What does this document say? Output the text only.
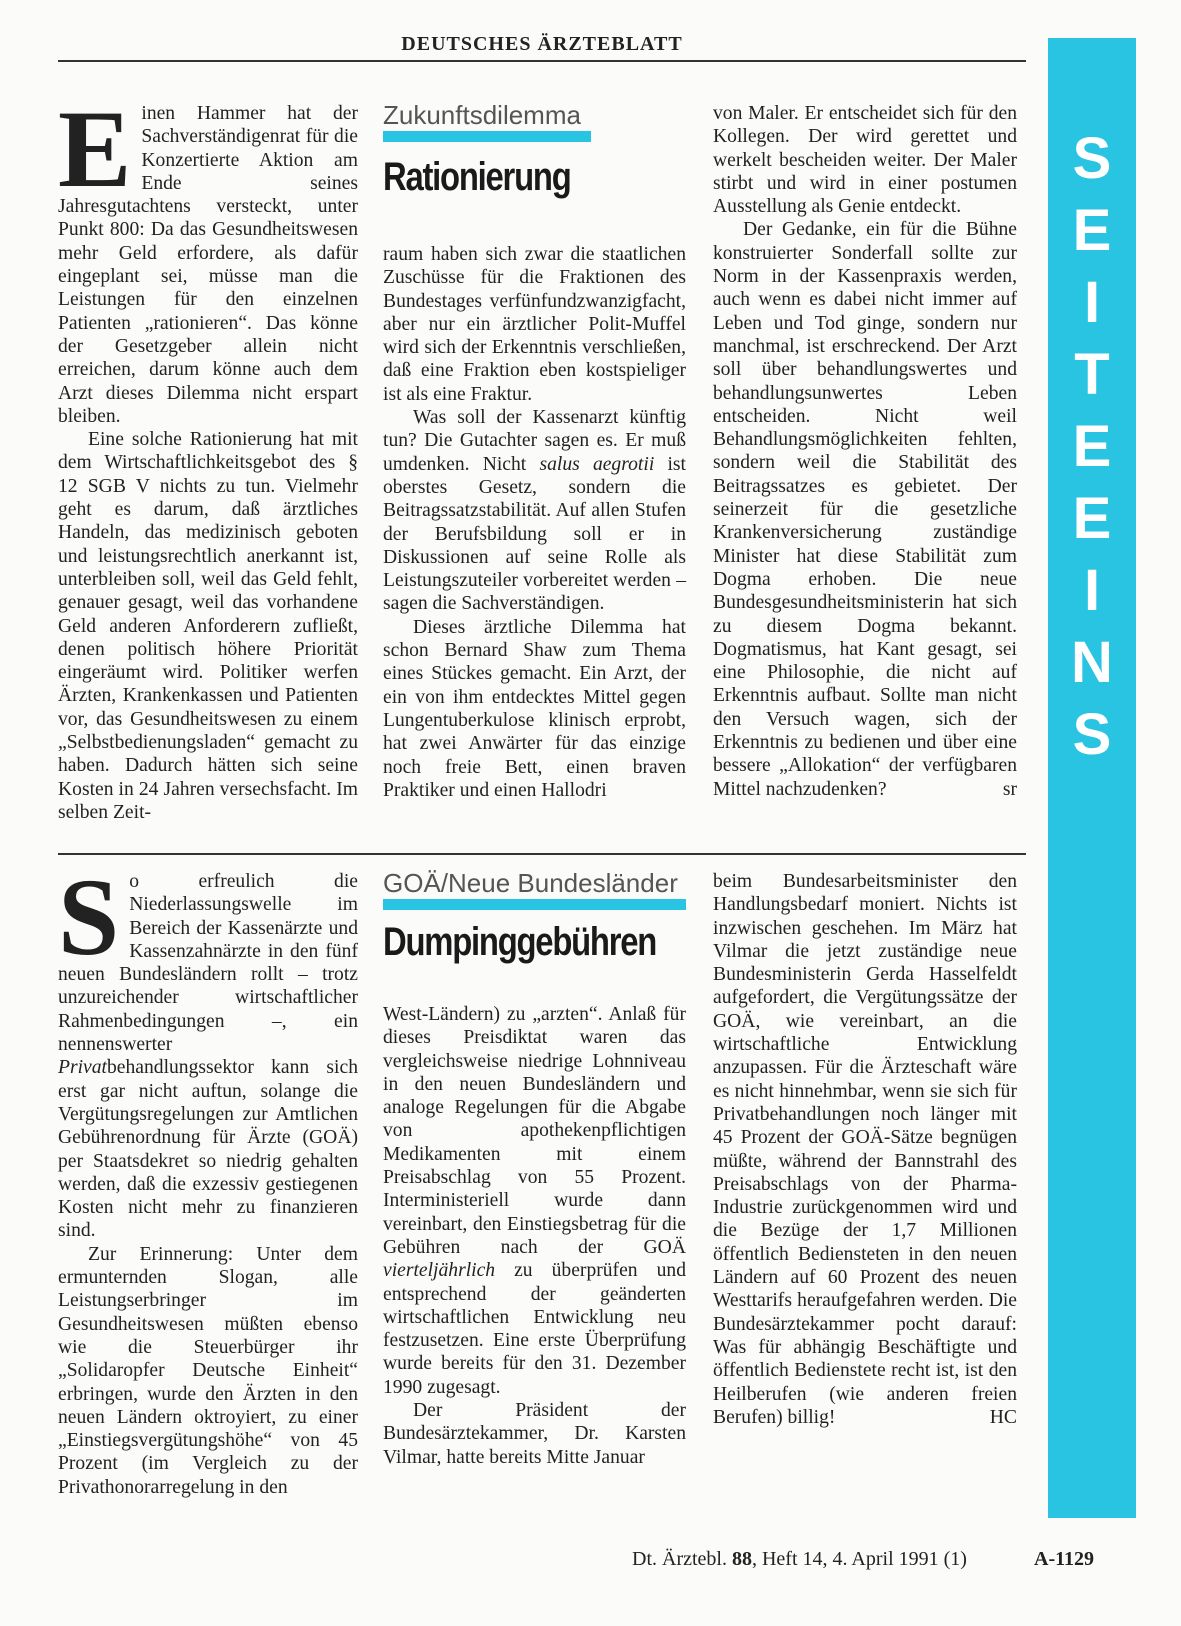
DEUTSCHES ÄRZTEBLATT
S
E
I
T
E
E
I
N
S

Einen Hammer hat der Sachverständigenrat für die Konzertierte Aktion am Ende seines Jahresgutachtens versteckt, unter Punkt 800: Da das Gesundheitswesen mehr Geld erfordere, als dafür eingeplant sei, müsse man die Leistungen für den einzelnen Patienten „rationieren“. Das könne der Gesetzgeber allein nicht erreichen, darum könne auch dem Arzt dieses Dilemma nicht erspart bleiben.

Eine solche Rationierung hat mit dem Wirtschaftlichkeitsgebot des § 12 SGB V nichts zu tun. Vielmehr geht es darum, daß ärztliches Handeln, das medizinisch geboten und leistungsrechtlich anerkannt ist, unterbleiben soll, weil das Geld fehlt, genauer gesagt, weil das vorhandene Geld anderen Anforderern zufließt, denen politisch höhere Priorität eingeräumt wird. Politiker werfen Ärzten, Krankenkassen und Patienten vor, das Gesundheitswesen zu einem „Selbstbedienungsladen“ gemacht zu haben. Dadurch hätten sich seine Kosten in 24 Jahren versechsfacht. Im selben Zeit-

Zukunftsdilemma
Rationierung

raum haben sich zwar die staatlichen Zuschüsse für die Fraktionen des Bundestages verfünfundzwanzigfacht, aber nur ein ärztlicher Polit-Muffel wird sich der Erkenntnis verschließen, daß eine Fraktion eben kostspieliger ist als eine Fraktur.

Was soll der Kassenarzt künftig tun? Die Gutachter sagen es. Er muß umdenken. Nicht salus aegrotii ist oberstes Gesetz, sondern die Beitragssatzstabilität. Auf allen Stufen der Berufsbildung soll er in Diskussionen auf seine Rolle als Leistungszuteiler vorbereitet werden – sagen die Sachverständigen.

Dieses ärztliche Dilemma hat schon Bernard Shaw zum Thema eines Stückes gemacht. Ein Arzt, der ein von ihm entdecktes Mittel gegen Lungentuberkulose klinisch erprobt, hat zwei Anwärter für das einzige noch freie Bett, einen braven Praktiker und einen Hallodri

von Maler. Er entscheidet sich für den Kollegen. Der wird gerettet und werkelt bescheiden weiter. Der Maler stirbt und wird in einer postumen Ausstellung als Genie entdeckt.

Der Gedanke, ein für die Bühne konstruierter Sonderfall sollte zur Norm in der Kassenpraxis werden, auch wenn es dabei nicht immer auf Leben und Tod ginge, sondern nur manchmal, ist erschreckend. Der Arzt soll über behandlungswertes und behandlungsunwertes Leben entscheiden. Nicht weil Behandlungsmöglichkeiten fehlten, sondern weil die Stabilität des Beitragssatzes es gebietet. Der seinerzeit für die gesetzliche Krankenversicherung zuständige Minister hat diese Stabilität zum Dogma erhoben. Die neue Bundesgesundheitsministerin hat sich zu diesem Dogma bekannt. Dogmatismus, hat Kant gesagt, sei eine Philosophie, die nicht auf Erkenntnis aufbaut. Sollte man nicht den Versuch wagen, sich der Erkenntnis zu bedienen und über eine bessere „Allokation“ der verfügbaren Mittel nachzudenken?	sr

So erfreulich die Niederlassungswelle im Bereich der Kassenärzte und Kassenzahnärzte in den fünf neuen Bundesländern rollt – trotz unzureichender wirtschaftlicher Rahmenbedingungen –, ein nennenswerter Privatbehandlungssektor kann sich erst gar nicht auftun, solange die Vergütungsregelungen zur Amtlichen Gebührenordnung für Ärzte (GOÄ) per Staatsdekret so niedrig gehalten werden, daß die exzessiv gestiegenen Kosten nicht mehr zu finanzieren sind.

Zur Erinnerung: Unter dem ermunternden Slogan, alle Leistungserbringer im Gesundheitswesen müßten ebenso wie die Steuerbürger ihr „Solidaropfer Deutsche Einheit“ erbringen, wurde den Ärzten in den neuen Ländern oktroyiert, zu einer „Einstiegsvergütungshöhe“ von 45 Prozent (im Vergleich zu der Privathonorarregelung in den

GOÄ/Neue Bundesländer
Dumpinggebühren

West-Ländern) zu „arzten“. Anlaß für dieses Preisdiktat waren das vergleichsweise niedrige Lohnniveau in den neuen Bundesländern und analoge Regelungen für die Abgabe von apothekenpflichtigen Medikamenten mit einem Preisabschlag von 55 Prozent. Interministeriell wurde dann vereinbart, den Einstiegsbetrag für die Gebühren nach der GOÄ vierteljährlich zu überprüfen und entsprechend der geänderten wirtschaftlichen Entwicklung neu festzusetzen. Eine erste Überprüfung wurde bereits für den 31. Dezember 1990 zugesagt.

Der Präsident der Bundesärztekammer, Dr. Karsten Vilmar, hatte bereits Mitte Januar

beim Bundesarbeitsminister den Handlungsbedarf moniert. Nichts ist inzwischen geschehen. Im März hat Vilmar die jetzt zuständige neue Bundesministerin Gerda Hasselfeldt aufgefordert, die Vergütungssätze der GOÄ, wie vereinbart, an die wirtschaftliche Entwicklung anzupassen. Für die Ärzteschaft wäre es nicht hinnehmbar, wenn sie sich für Privatbehandlungen noch länger mit 45 Prozent der GOÄ-Sätze begnügen müßte, während der Bannstrahl des Preisabschlags von der Pharma-Industrie zurückgenommen wird und die Bezüge der 1,7 Millionen öffentlich Bediensteten in den neuen Ländern auf 60 Prozent des neuen Westtarifs heraufgefahren werden. Die Bundesärztekammer pocht darauf: Was für abhängig Beschäftigte und öffentlich Bedienstete recht ist, ist den Heilberufen (wie anderen freien Berufen) billig!	HC

Dt. Ärztebl. 88, Heft 14, 4. April 1991 (1)	A-1129
